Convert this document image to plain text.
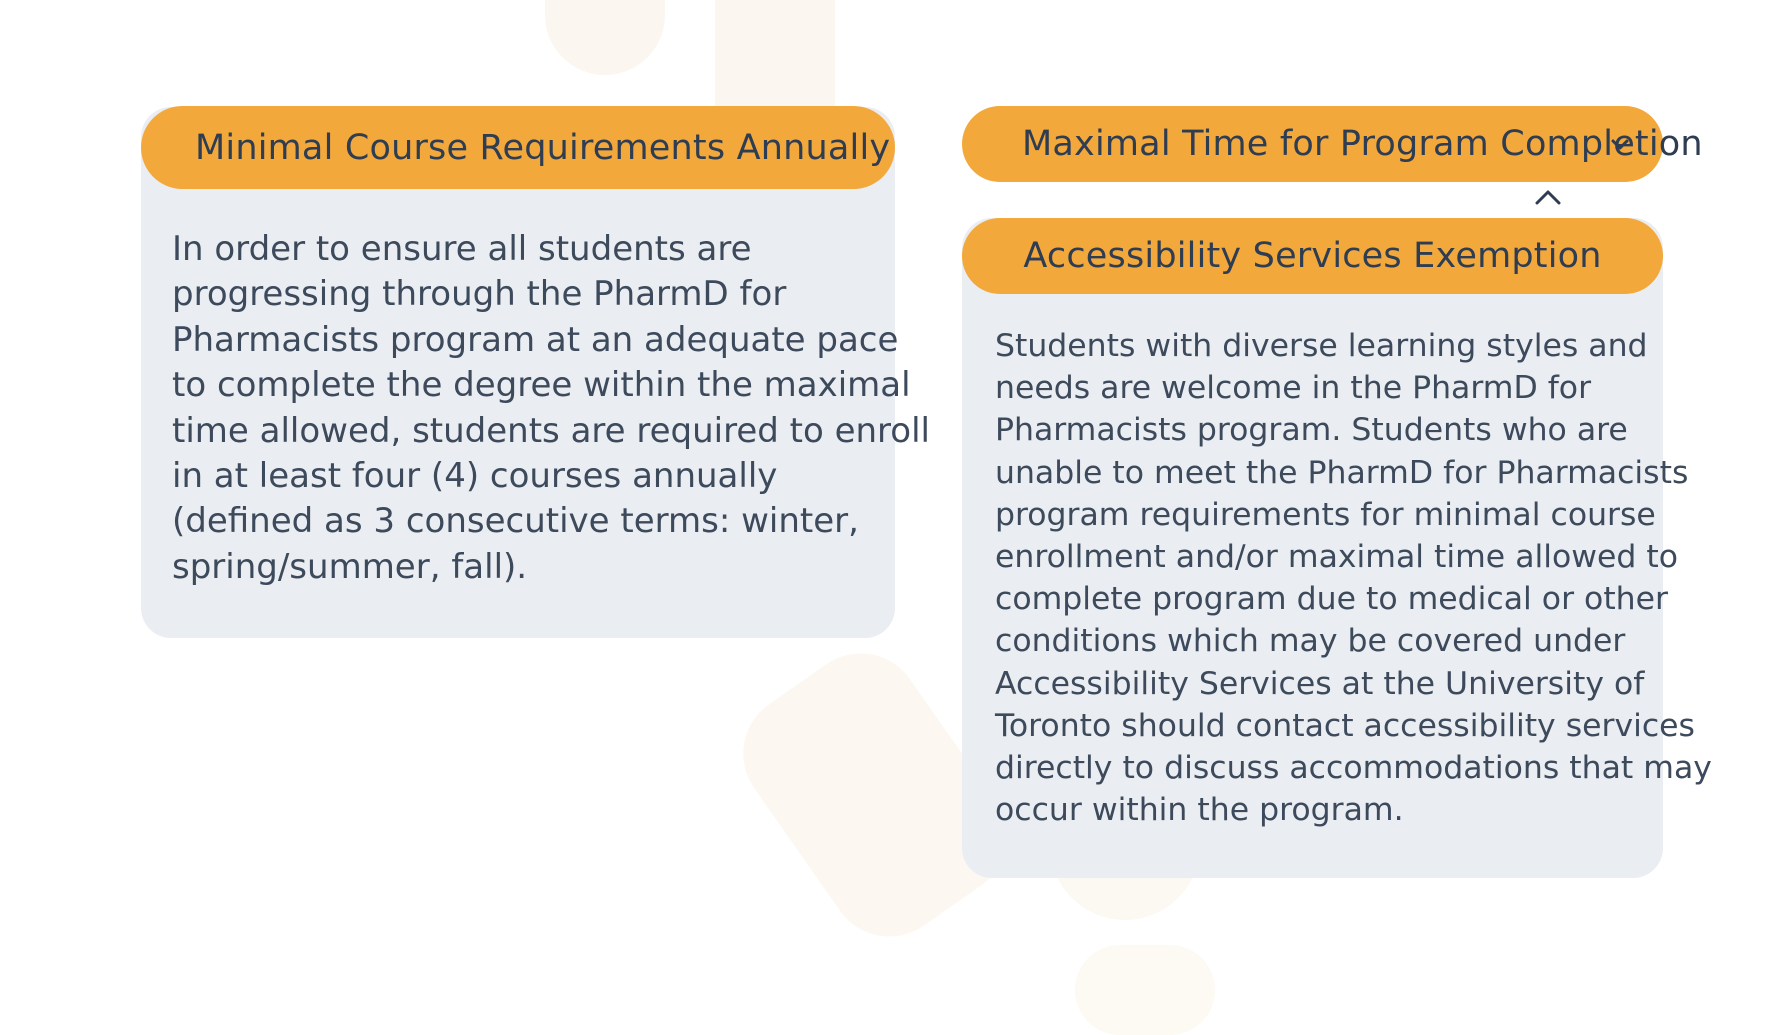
Minimal Course Requirements Annually
In order to ensure all students are
progressing through the PharmD for
Pharmacists program at an adequate pace
to complete the degree within the maximal
time allowed, students are required to enroll
in at least four (4) courses annually
(defined as 3 consecutive terms: winter,
spring/summer, fall).
Maximal Time for Program Completion
Accessibility Services Exemption
Students with diverse learning styles and
needs are welcome in the PharmD for
Pharmacists program. Students who are
unable to meet the PharmD for Pharmacists
program requirements for minimal course
enrollment and/or maximal time allowed to
complete program due to medical or other
conditions which may be covered under
Accessibility Services at the University of
Toronto should contact accessibility services
directly to discuss accommodations that may
occur within the program.
